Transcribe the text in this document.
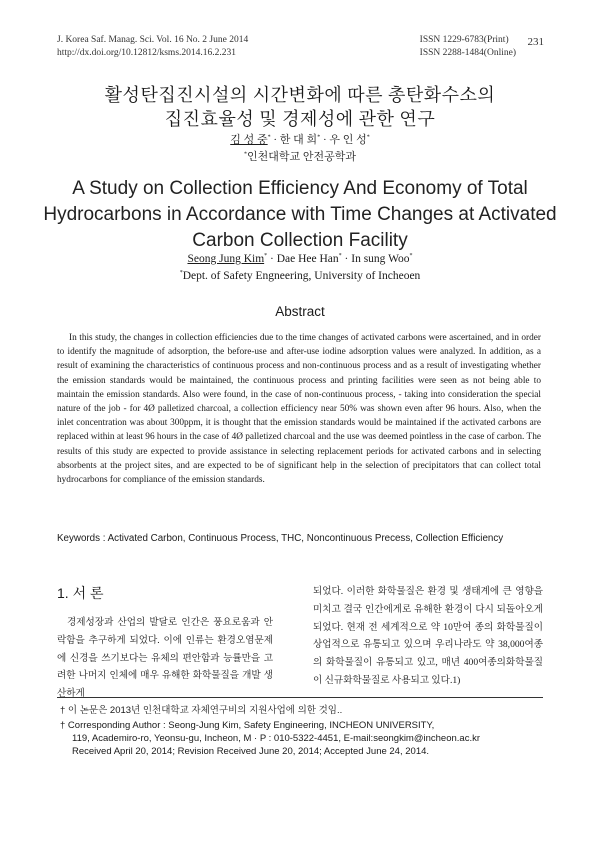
J. Korea Saf. Manag. Sci. Vol. 16 No. 2 June 2014
http://dx.doi.org/10.12812/ksms.2014.16.2.231
ISSN 1229-6783(Print)
ISSN 2288-1484(Online)
231
활성탄집진시설의 시간변화에 따른 총탄화수소의
집진효율성 및 경제성에 관한 연구
김 성 중* · 한 대 희* · 우 인 성*
*인천대학교 안전공학과
A Study on Collection Efficiency And Economy of Total
Hydrocarbons in Accordance with Time Changes at Activated
Carbon Collection Facility
Seong Jung Kim* · Dae Hee Han* · In sung Woo*
*Dept. of Safety Engneering, University of Incheoen
Abstract

In this study, the changes in collection efficiencies due to the time changes of activated carbons were ascertained, and in order to identify the magnitude of adsorption, the before-use and after-use iodine adsorption values were analyzed. In addition, as a result of examining the characteristics of continuous process and non-continuous process and as a result of investigating whether the emission standards would be maintained, the continuous process and printing facilities were seen as not being able to maintain the emission standards. Also were found, in the case of non-continuous process, - taking into consideration the special nature of the job - for 4Ø palletized charcoal, a collection efficiency near 50% was shown even after 96 hours. Also, when the inlet concentration was about 300ppm, it is thought that the emission standards would be maintained if the activated carbons are replaced within at least 96 hours in the case of 4Ø palletized charcoal and the use was deemed pointless in the case of carbon. The results of this study are expected to provide assistance in selecting replacement periods for activated carbons and in selecting absorbents at the project sites, and are expected to be of significant help in the selection of precipitators that can collect total hydrocarbons for compliance of the emission standards.

Keywords : Activated Carbon, Continuous Process, THC, Noncontinuous Precess, Collection Efficiency
1. 서 론

경제성장과 산업의 발달로 인간은 풍요로움과 안락함을 추구하게 되었다. 이에 인류는 환경오염문제에 신경을 쓰기보다는 유체의 편안함과 능률만을 고려한 나머지 인체에 매우 유해한 화학물질을 개발 생산하게

되었다. 이러한 화학물질은 환경 및 생태계에 큰 영향을 미치고 결국 인간에게로 유해한 환경이 다시 되돌아오게 되었다. 현재 전 세계적으로 약 10만여 종의 화학물질이 상업적으로 유통되고 있으며 우리나라도 약 38,000여종의 화학물질이 유통되고 있고, 매년 400여종의화학물질이 신규화학물질로 사용되고 있다.1)

† 이 논문은 2013년 인천대학교 자체연구비의 지원사업에 의한 것임..
† Corresponding Author : Seong-Jung Kim, Safety Engineering, INCHEON UNIVERSITY,
119, Academiro-ro, Yeonsu-gu, Incheon, M · P : 010-5322-4451, E-mail:seongkim@incheon.ac.kr
Received April 20, 2014; Revision Received June 20, 2014; Accepted June 24, 2014.
